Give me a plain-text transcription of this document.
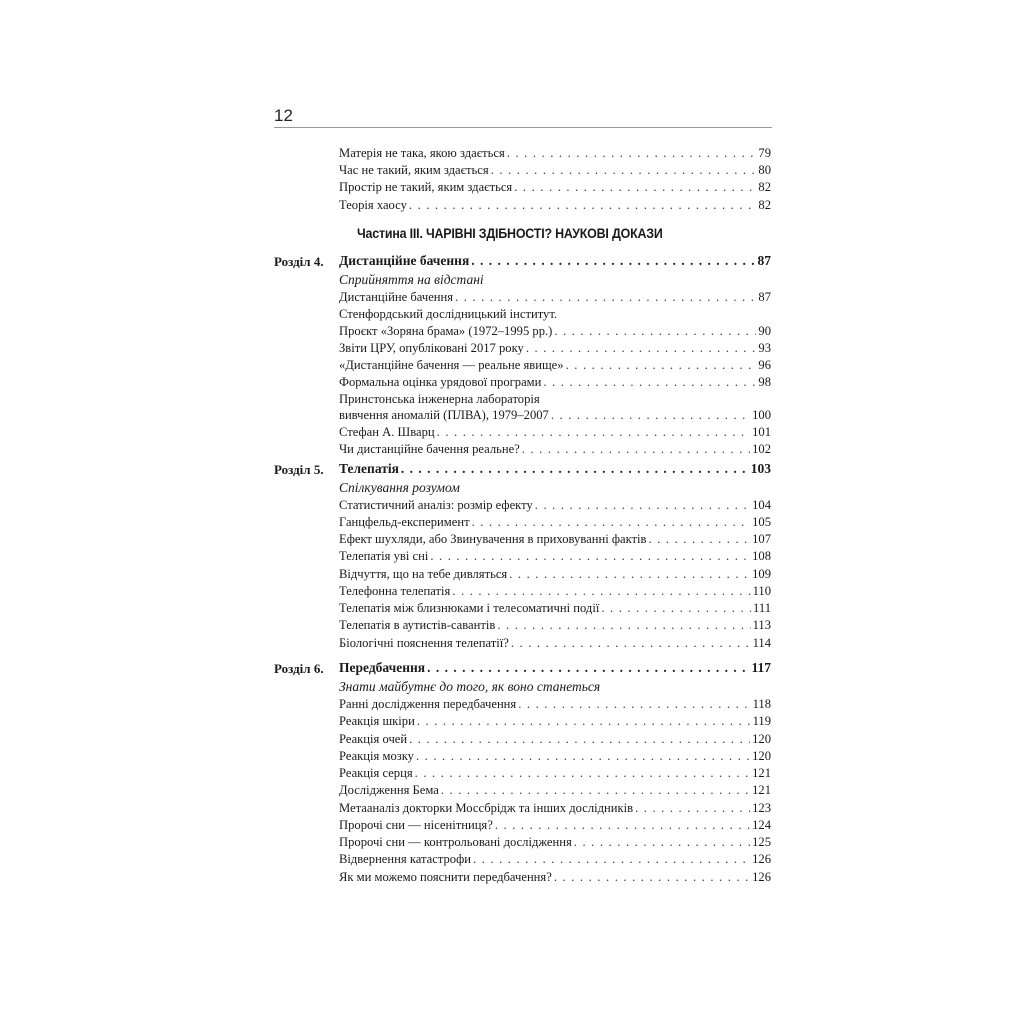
12
Частина III. ЧАРІВНІ ЗДІБНОСТІ? НАУКОВІ ДОКАЗИ
Матерія не така, якою здається . . .	79
Час не такий, яким здається . . .	80
Простір не такий, яким здається . . .	82
Теорія хаосу . . .	82
Розділ 4. Дистанційне бачення . . .	87
Сприйняття на відстані
Дистанційне бачення . . .	87
Стенфордський дослідницький інститут.
Проєкт «Зоряна брама» (1972–1995 рр.) . . .	90
Звіти ЦРУ, опубліковані 2017 року . . .	93
«Дистанційне бачення — реальне явище» . . .	96
Формальна оцінка урядової програми . . .	98
Принстонська інженерна лабораторія
вивчення аномалій (ПЛВА), 1979–2007 . . .	100
Стефан А. Шварц . . .	101
Чи дистанційне бачення реальне? . . .	102
Розділ 5. Телепатія . . .	103
Спілкування розумом
Статистичний аналіз: розмір ефекту . . .	104
Ганцфельд-експеримент . . .	105
Ефект шухляди, або Звинувачення в приховуванні фактів . . .	107
Телепатія уві сні . . .	108
Відчуття, що на тебе дивляться . . .	109
Телефонна телепатія . . .	110
Телепатія між близнюками і телесоматичні події . . .	111
Телепатія в аутистів-савантів . . .	113
Біологічні пояснення телепатії? . . .	114
Розділ 6. Передбачення . . .	117
Знати майбутнє до того, як воно станеться
Ранні дослідження передбачення . . .	118
Реакція шкіри . . .	119
Реакція очей . . .	120
Реакція мозку . . .	120
Реакція серця . . .	121
Дослідження Бема . . .	121
Метааналіз докторки Моссбрідж та інших дослідників . . .	123
Пророчі сни — нісенітниця? . . .	124
Пророчі сни — контрольовані дослідження . . .	125
Відвернення катастрофи . . .	126
Як ми можемо пояснити передбачення? . . .	126
